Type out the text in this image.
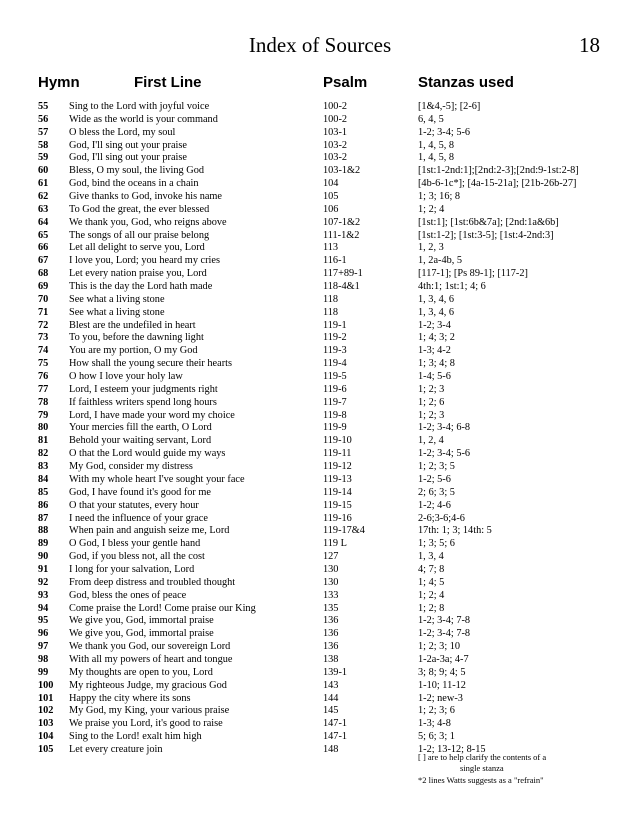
Index of Sources	18
Hymn	First Line	Psalm	Stanzas used
55 Sing to the Lord with joyful voice	100-2	[1&4,-5]; [2-6]
56 Wide as the world is your command	100-2	6, 4, 5
57 O bless the Lord, my soul	103-1	1-2; 3-4; 5-6
58 God, I'll sing out your praise	103-2	1, 4, 5, 8
59 God, I'll sing out your praise	103-2	1, 4, 5, 8
60 Bless, O my soul, the living God	103-1&2	[1st:1-2nd:1];[2nd:2-3];[2nd:9-1st:2-8]
61 God, bind the oceans in a chain	104	[4b-6-1c*]; [4a-15-21a]; [21b-26b-27]
62 Give thanks to God, invoke his name	105	1; 3; 16; 8
63 To God the great, the ever blessed	106	1; 2; 4
64 We thank you, God, who reigns above	107-1&2	[1st:1]; [1st:6b&7a]; [2nd:1a&6b]
65 The songs of all our praise belong	111-1&2	[1st:1-2]; [1st:3-5]; [1st:4-2nd:3]
66 Let all delight to serve you, Lord	113	1, 2, 3
67 I love you, Lord; you heard my cries	116-1	1, 2a-4b, 5
68 Let every nation praise you, Lord	117+89-1	[117-1]; [Ps 89-1]; [117-2]
69 This is the day the Lord hath made	118-4&1	4th:1; 1st:1; 4; 6
70 See what a living stone	118	1, 3, 4, 6
71 See what a living stone	118	1, 3, 4, 6
72 Blest are the undefiled in heart	119-1	1-2; 3-4
73 To you, before the dawning light	119-2	1; 4; 3; 2
74 You are my portion, O my God	119-3	1-3; 4-2
75 How shall the young secure their hearts	119-4	1; 3; 4; 8
76 O how I love your holy law	119-5	1-4; 5-6
77 Lord, I esteem your judgments right	119-6	1; 2; 3
78 If faithless writers spend long hours	119-7	1; 2; 6
79 Lord, I have made your word my choice	119-8	1; 2; 3
80 Your mercies fill the earth, O Lord	119-9	1-2; 3-4; 6-8
81 Behold your waiting servant, Lord	119-10	1, 2, 4
82 O that the Lord would guide my ways	119-11	1-2; 3-4; 5-6
83 My God, consider my distress	119-12	1; 2; 3; 5
84 With my whole heart I've sought your face	119-13	1-2; 5-6
85 God, I have found it's good for me	119-14	2; 6; 3; 5
86 O that your statutes, every hour	119-15	1-2; 4-6
87 I need the influence of your grace	119-16	2-6;3-6;4-6
88 When pain and anguish seize me, Lord	119-17&4	17th: 1; 3; 14th: 5
89 O God, I bless your gentle hand	119 L	1; 3; 5; 6
90 God, if you bless not, all the cost	127	1, 3, 4
91 I long for your salvation, Lord	130	4; 7; 8
92 From deep distress and troubled thought	130	1; 4; 5
93 God, bless the ones of peace	133	1; 2; 4
94 Come praise the Lord! Come praise our King	135	1; 2; 8
95 We give you, God, immortal praise	136	1-2; 3-4; 7-8
96 We give you, God, immortal praise	136	1-2; 3-4; 7-8
97 We thank you God, our sovereign Lord	136	1; 2; 3; 10
98 With all my powers of heart and tongue	138	1-2a-3a; 4-7
99 My thoughts are open to you, Lord	139-1	3; 8; 9; 4; 5
100 My righteous Judge, my gracious God	143	1-10; 11-12
101 Happy the city where its sons	144	1-2; new-3
102 My God, my King, your various praise	145	1; 2; 3; 6
103 We praise you Lord, it's good to raise	147-1	1-3; 4-8
104 Sing to the Lord! exalt him high	147-1	5; 6; 3; 1
105 Let every creature join	148	1-2; 13-12; 8-15
[ ] are to help clarify the contents of a
single stanza
*2 lines Watts suggests as a "refrain"
